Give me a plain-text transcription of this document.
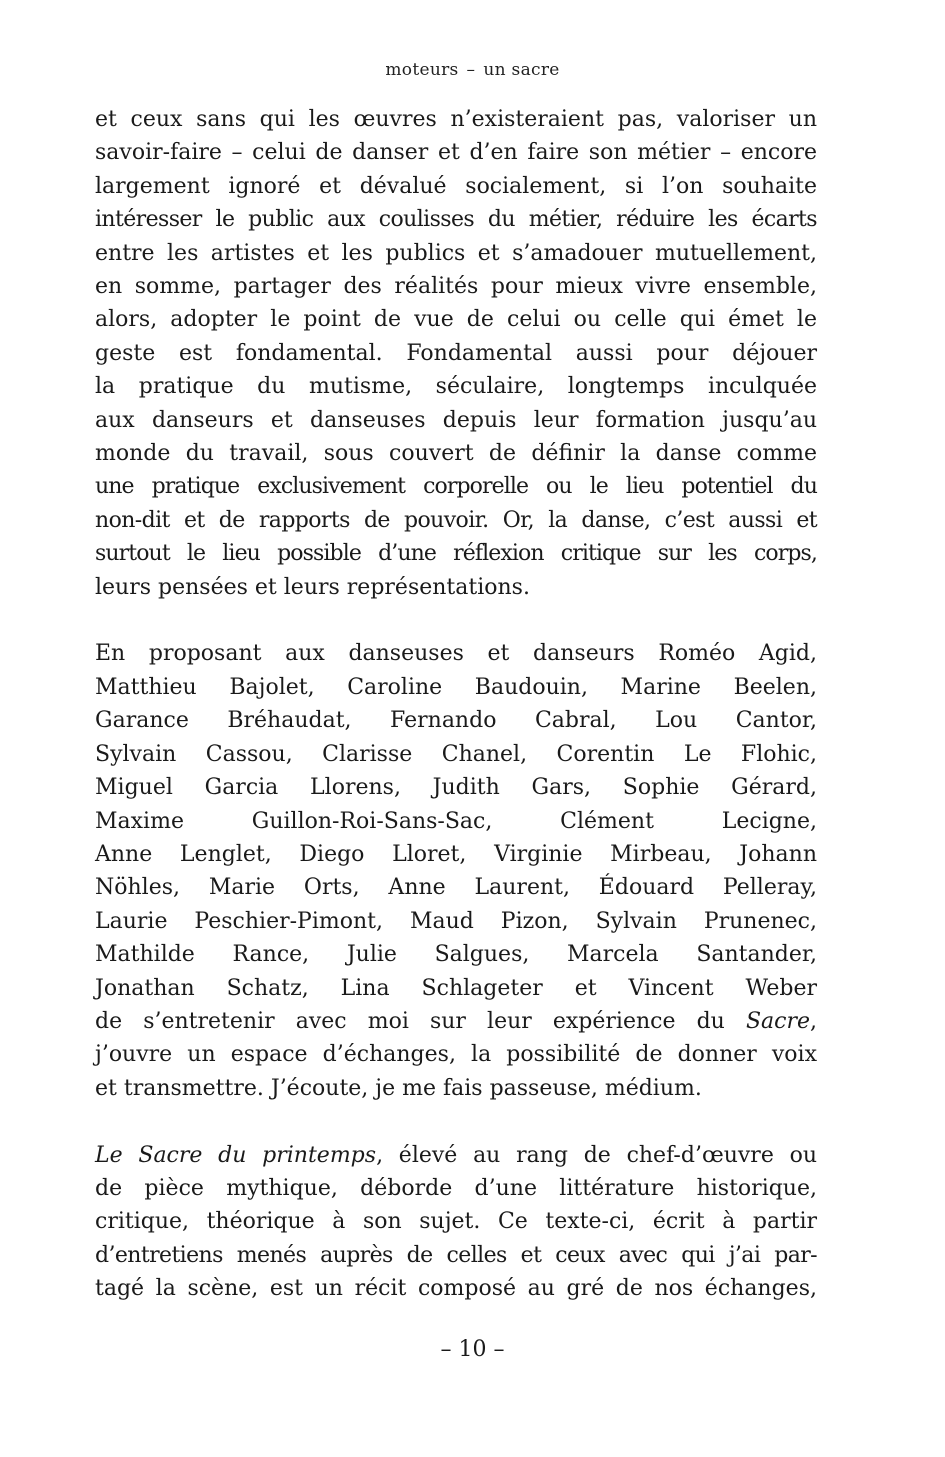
moteurs – un sacre

et ceux sans qui les œuvres n’existeraient pas, valoriser un
savoir-faire – celui de danser et d’en faire son métier – encore
largement ignoré et dévalué socialement, si l’on souhaite
intéresser le public aux coulisses du métier, réduire les écarts
entre les artistes et les publics et s’amadouer mutuellement,
en somme, partager des réalités pour mieux vivre ensemble,
alors, adopter le point de vue de celui ou celle qui émet le
geste est fondamental. Fondamental aussi pour déjouer
la pratique du mutisme, séculaire, longtemps inculquée
aux danseurs et danseuses depuis leur formation jusqu’au
monde du travail, sous couvert de définir la danse comme
une pratique exclusivement corporelle ou le lieu potentiel du
non-dit et de rapports de pouvoir. Or, la danse, c’est aussi et
surtout le lieu possible d’une réflexion critique sur les corps,
leurs pensées et leurs représentations.

En proposant aux danseuses et danseurs Roméo Agid,
Matthieu Bajolet, Caroline Baudouin, Marine Beelen,
Garance Bréhaudat, Fernando Cabral, Lou Cantor,
Sylvain Cassou, Clarisse Chanel, Corentin Le Flohic,
Miguel Garcia Llorens, Judith Gars, Sophie Gérard,
Maxime Guillon-Roi-Sans-Sac, Clément Lecigne,
Anne Lenglet, Diego Lloret, Virginie Mirbeau, Johann
Nöhles, Marie Orts, Anne Laurent, Édouard Pelleray,
Laurie Peschier-Pimont, Maud Pizon, Sylvain Prunenec,
Mathilde Rance, Julie Salgues, Marcela Santander,
Jonathan Schatz, Lina Schlageter et Vincent Weber
de s’entretenir avec moi sur leur expérience du Sacre,
j’ouvre un espace d’échanges, la possibilité de donner voix
et transmettre. J’écoute, je me fais passeuse, médium.

Le Sacre du printemps, élevé au rang de chef-d’œuvre ou
de pièce mythique, déborde d’une littérature historique,
critique, théorique à son sujet. Ce texte-ci, écrit à partir
d’entretiens menés auprès de celles et ceux avec qui j’ai par-
tagé la scène, est un récit composé au gré de nos échanges,

– 10 –
